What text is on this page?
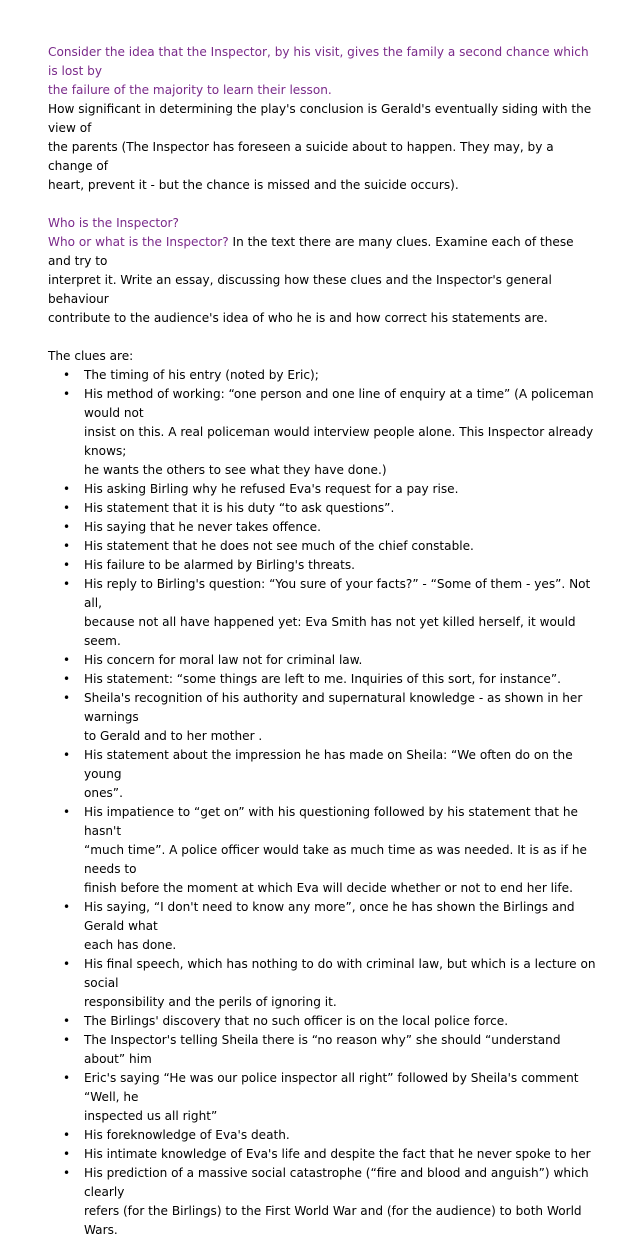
Consider the idea that the Inspector, by his visit, gives the family a second chance which is lost by

the failure of the majority to learn their lesson.

How significant in determining the play's conclusion is Gerald's eventually siding with the view of

the parents (The Inspector has foreseen a suicide about to happen. They may, by a change of

heart, prevent it - but the chance is missed and the suicide occurs).

Who is the Inspector?

Who or what is the Inspector? In the text there are many clues. Examine each of these and try to

interpret it. Write an essay, discussing how these clues and the Inspector's general behaviour

contribute to the audience's idea of who he is and how correct his statements are.

The clues are:

• The timing of his entry (noted by Eric);
• His method of working: “one person and one line of enquiry at a time” (A policeman would not
insist on this. A real policeman would interview people alone. This Inspector already knows;
he wants the others to see what they have done.)
• His asking Birling why he refused Eva's request for a pay rise.
• His statement that it is his duty “to ask questions”.
• His saying that he never takes offence.
• His statement that he does not see much of the chief constable.
• His failure to be alarmed by Birling's threats.
• His reply to Birling's question: “You sure of your facts?” - “Some of them - yes”. Not all,
because not all have happened yet: Eva Smith has not yet killed herself, it would seem.
• His concern for moral law not for criminal law.
• His statement: “some things are left to me. Inquiries of this sort, for instance”.
• Sheila's recognition of his authority and supernatural knowledge - as shown in her warnings
to Gerald and to her mother .
• His statement about the impression he has made on Sheila: “We often do on the young
ones”.
• His impatience to “get on” with his questioning followed by his statement that he hasn't
“much time”. A police officer would take as much time as was needed. It is as if he needs to
finish before the moment at which Eva will decide whether or not to end her life.
• His saying, “I don't need to know any more”, once he has shown the Birlings and Gerald what
each has done.
• His final speech, which has nothing to do with criminal law, but which is a lecture on social
responsibility and the perils of ignoring it.
• The Birlings' discovery that no such officer is on the local police force.
• The Inspector's telling Sheila there is “no reason why” she should “understand about” him
• Eric's saying “He was our police inspector all right” followed by Sheila's comment “Well, he
inspected us all right”
• His foreknowledge of Eva's death.
• His intimate knowledge of Eva's life and despite the fact that he never spoke to her
• His prediction of a massive social catastrophe (“fire and blood and anguish”) which clearly
refers (for the Birlings) to the First World War and (for the audience) to both World
Wars.
